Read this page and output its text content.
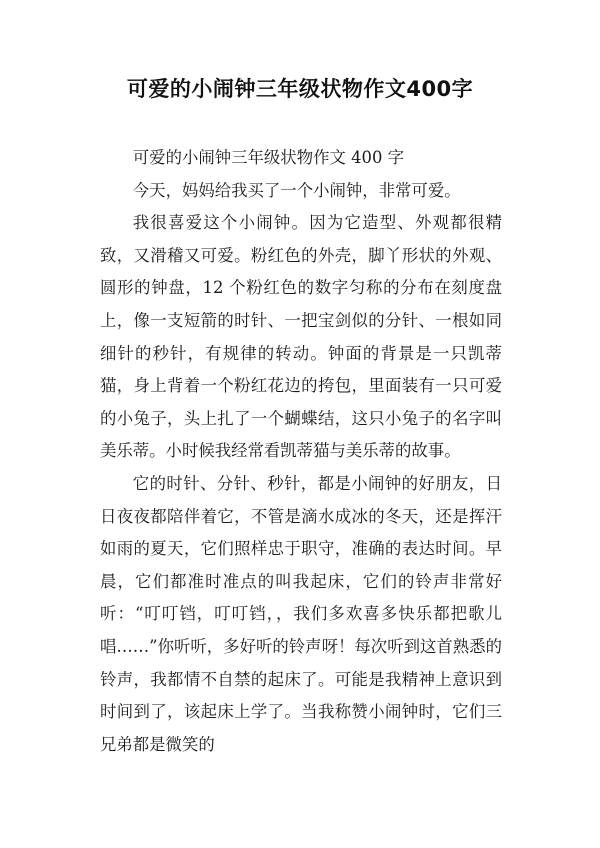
可爱的小闹钟三年级状物作文400字

可爱的小闹钟三年级状物作文 400 字

今天，妈妈给我买了一个小闹钟，非常可爱。

我很喜爱这个小闹钟。因为它造型、外观都很精致，又滑稽又可爱。粉红色的外壳，脚丫形状的外观、圆形的钟盘，12 个粉红色的数字匀称的分布在刻度盘上，像一支短箭的时针、一把宝剑似的分针、一根如同细针的秒针，有规律的转动。钟面的背景是一只凯蒂猫，身上背着一个粉红花边的挎包，里面装有一只可爱的小兔子，头上扎了一个蝴蝶结，这只小兔子的名字叫美乐蒂。小时候我经常看凯蒂猫与美乐蒂的故事。

它的时针、分针、秒针，都是小闹钟的好朋友，日日夜夜都陪伴着它，不管是滴水成冰的冬天，还是挥汗如雨的夏天，它们照样忠于职守，准确的表达时间。早晨，它们都准时准点的叫我起床，它们的铃声非常好听：“叮叮铛，叮叮铛，，我们多欢喜多快乐都把歌儿唱……”你听听，多好听的铃声呀！每次听到这首熟悉的铃声，我都情不自禁的起床了。可能是我精神上意识到时间到了，该起床上学了。当我称赞小闹钟时，它们三兄弟都是微笑的
